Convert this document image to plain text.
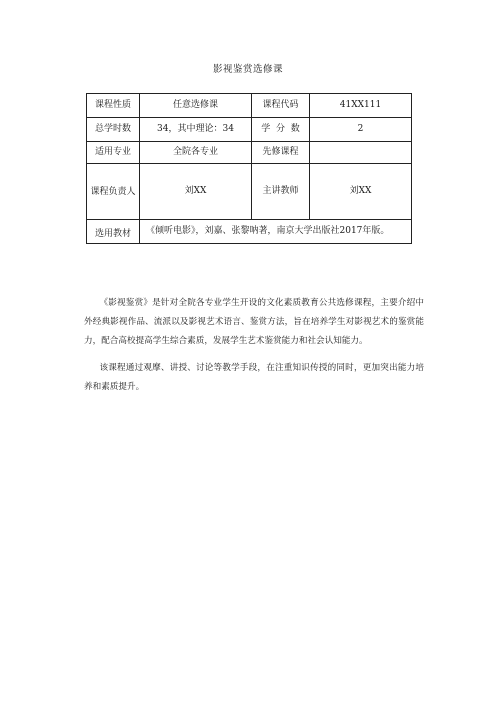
影视鉴赏选修课
课程性质	任意选修课	课程代码	41XX111
总学时数	34，其中理论：34	学  分  数	2
适用专业	全院各专业	先修课程	
课程负责人	刘XX	主讲教师	刘XX
选用教材	《倾听电影》，刘嘉、张黎呐著，南京大学出版社2017年版。		

《影视鉴赏》是针对全院各专业学生开设的文化素质教育公共选修课程，主要介绍中外经典影视作品、流派以及影视艺术语言、鉴赏方法，旨在培养学生对影视艺术的鉴赏能力，配合高校提高学生综合素质，发展学生艺术鉴赏能力和社会认知能力。

该课程通过观摩、讲授、讨论等教学手段，在注重知识传授的同时，更加突出能力培养和素质提升。
